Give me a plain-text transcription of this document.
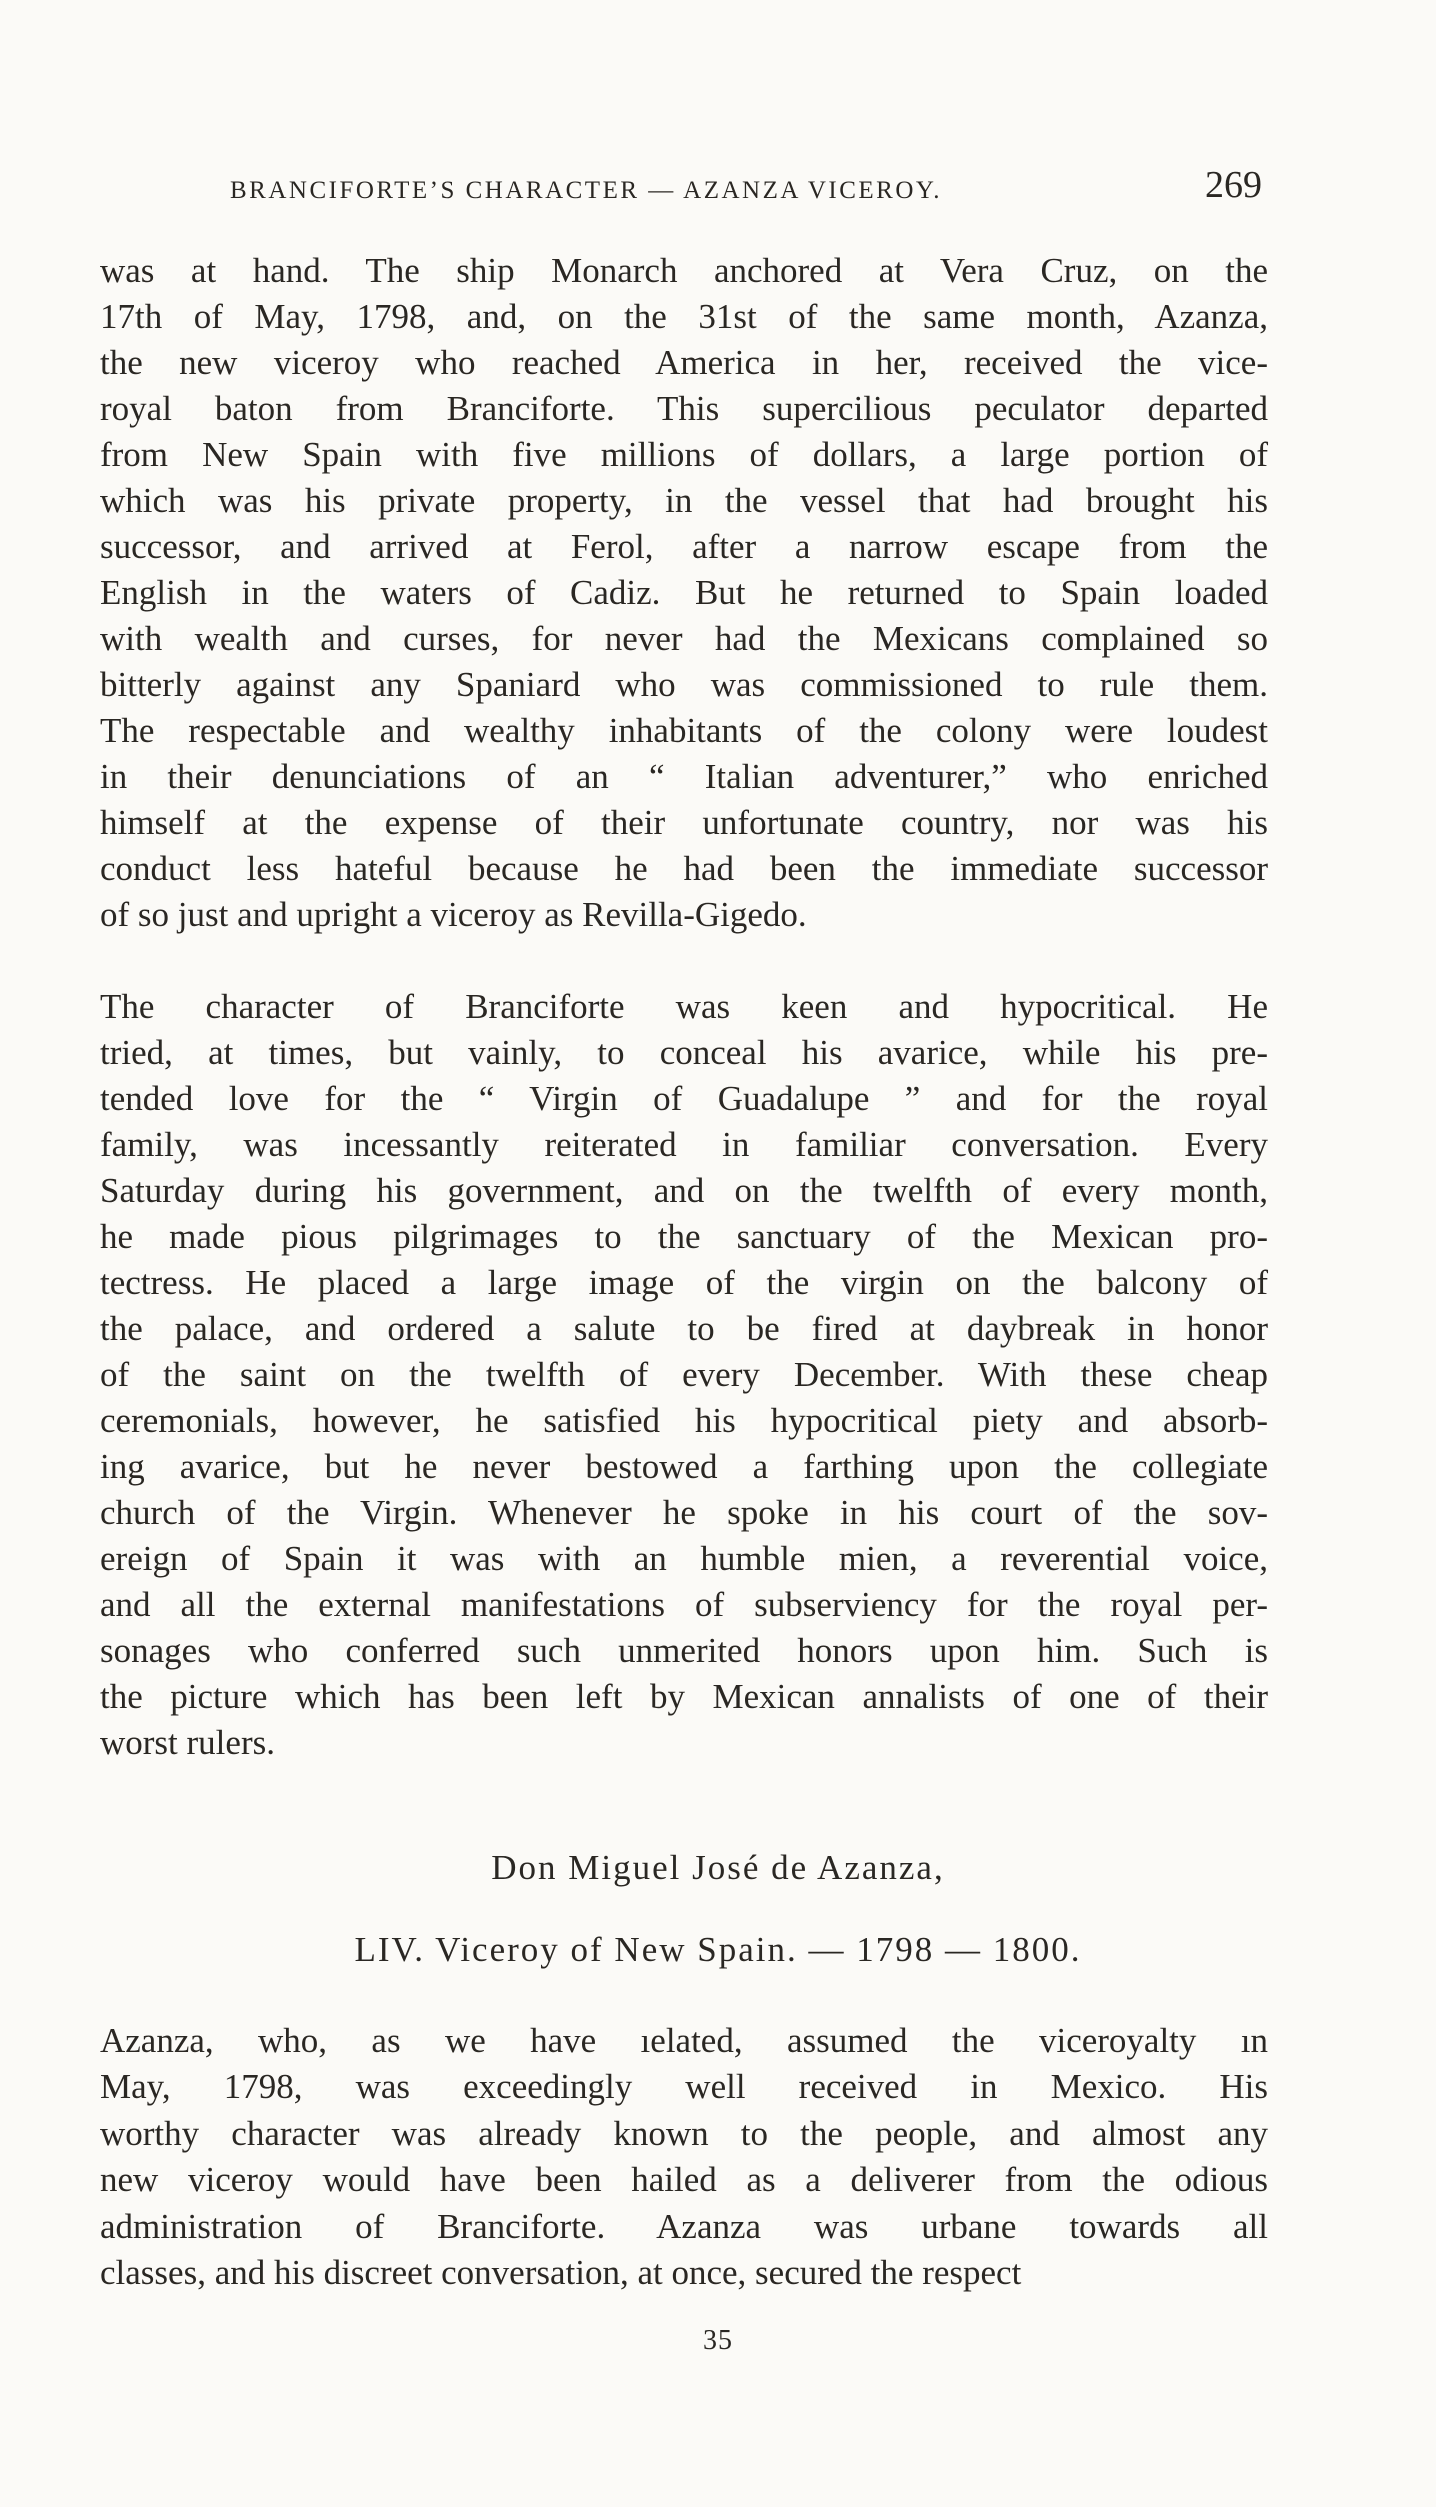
BRANCIFORTE’S CHARACTER — AZANZA VICEROY.	269
was at hand. The ship Monarch anchored at Vera Cruz, on the
17th of May, 1798, and, on the 31st of the same month, Azanza,
the new viceroy who reached America in her, received the vice-
royal baton from Branciforte. This supercilious peculator departed
from New Spain with five millions of dollars, a large portion of
which was his private property, in the vessel that had brought his
successor, and arrived at Ferol, after a narrow escape from the
English in the waters of Cadiz. But he returned to Spain loaded
with wealth and curses, for never had the Mexicans complained so
bitterly against any Spaniard who was commissioned to rule them.
The respectable and wealthy inhabitants of the colony were loudest
in their denunciations of an “ Italian adventurer,” who enriched
himself at the expense of their unfortunate country, nor was his
conduct less hateful because he had been the immediate successor
of so just and upright a viceroy as Revilla-Gigedo.
The character of Branciforte was keen and hypocritical. He
tried, at times, but vainly, to conceal his avarice, while his pre-
tended love for the “ Virgin of Guadalupe ” and for the royal
family, was incessantly reiterated in familiar conversation. Every
Saturday during his government, and on the twelfth of every month,
he made pious pilgrimages to the sanctuary of the Mexican pro-
tectress. He placed a large image of the virgin on the balcony of
the palace, and ordered a salute to be fired at daybreak in honor
of the saint on the twelfth of every December. With these cheap
ceremonials, however, he satisfied his hypocritical piety and absorb-
ing avarice, but he never bestowed a farthing upon the collegiate
church of the Virgin. Whenever he spoke in his court of the sov-
ereign of Spain it was with an humble mien, a reverential voice,
and all the external manifestations of subserviency for the royal per-
sonages who conferred such unmerited honors upon him. Such is
the picture which has been left by Mexican annalists of one of their
worst rulers.
Don Miguel José de Azanza,
LIV. Viceroy of New Spain. — 1798 — 1800.
Azanza, who, as we have ıelated, assumed the viceroyalty ın
May, 1798, was exceedingly well received in Mexico. His
worthy character was already known to the people, and almost any
new viceroy would have been hailed as a deliverer from the odious
administration of Branciforte. Azanza was urbane towards all
classes, and his discreet conversation, at once, secured the respect
35
